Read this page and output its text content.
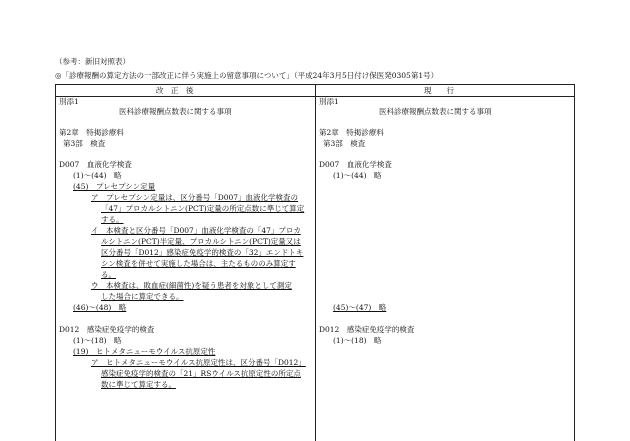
（参考：新旧対照表）
◎「診療報酬の算定方法の一部改正に伴う実施上の留意事項について」（平成24年3月5日付け保医発0305第1号）
改　正　後	現　　行
別添1
医科診療報酬点数表に関する事項
第2章　特掲診療料
第3部　検査
D007　血液化学検査
(1)～(44)　略
(45)　プレセプシン定量
ア　プレセプシン定量は、区分番号「D007」血液化学検査の
「47」プロカルシトニン(PCT)定量の所定点数に準じて算定
する。
イ　本検査と区分番号「D007」血液化学検査の「47」プロカ
ルシトニン(PCT)半定量、プロカルシトニン(PCT)定量又は
区分番号「D012」感染症免疫学的検査の「32」エンドトキ
シン検査を併せて実施した場合は、主たるもののみ算定す
る。
ウ　本検査は、敗血症(細菌性)を疑う患者を対象として測定
した場合に算定できる。
(46)～(48)　略
D012　感染症免疫学的検査
(1)～(18)　略
(19)　ヒトメタニューモウイルス抗原定性
ア　ヒトメタニューモウイルス抗原定性は、区分番号「D012」
感染症免疫学的検査の「21」RSウイルス抗原定性の所定点
数に準じて算定する。
別添1
医科診療報酬点数表に関する事項
第2章　特掲診療料
第3部　検査
D007　血液化学検査
(1)～(44)　略
(45)～(47)　略
D012　感染症免疫学的検査
(1)～(18)　略
